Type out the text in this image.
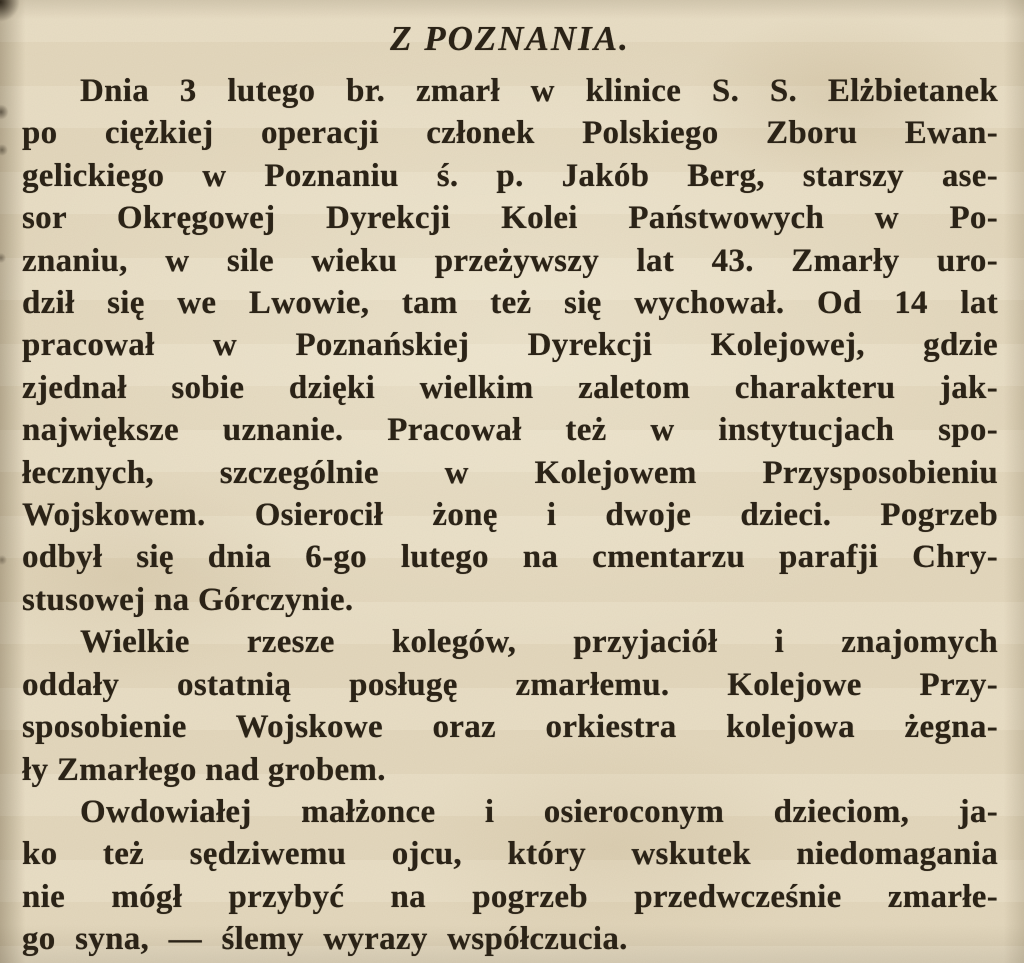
Z POZNANIA.
Dnia 3 lutego br. zmarł w klinice S. S. Elżbietanek
po ciężkiej operacji członek Polskiego Zboru Ewan-
gelickiego w Poznaniu ś. p. Jakób Berg, starszy ase-
sor Okręgowej Dyrekcji Kolei Państwowych w Po-
znaniu, w sile wieku przeżywszy lat 43. Zmarły uro-
dził się we Lwowie, tam też się wychował. Od 14 lat
pracował w Poznańskiej Dyrekcji Kolejowej, gdzie
zjednał sobie dzięki wielkim zaletom charakteru jak-
największe uznanie. Pracował też w instytucjach spo-
łecznych, szczególnie w Kolejowem Przysposobieniu
Wojskowem. Osierocił żonę i dwoje dzieci. Pogrzeb
odbył się dnia 6-go lutego na cmentarzu parafji Chry-
stusowej na Górczynie.
Wielkie rzesze kolegów, przyjaciół i znajomych
oddały ostatnią posługę zmarłemu. Kolejowe Przy-
sposobienie Wojskowe oraz orkiestra kolejowa żegna-
ły Zmarłego nad grobem.
Owdowiałej małżonce i osieroconym dzieciom, ja-
ko też sędziwemu ojcu, który wskutek niedomagania
nie mógł przybyć na pogrzeb przedwcześnie zmarłe-
go syna, — ślemy wyrazy współczucia.
